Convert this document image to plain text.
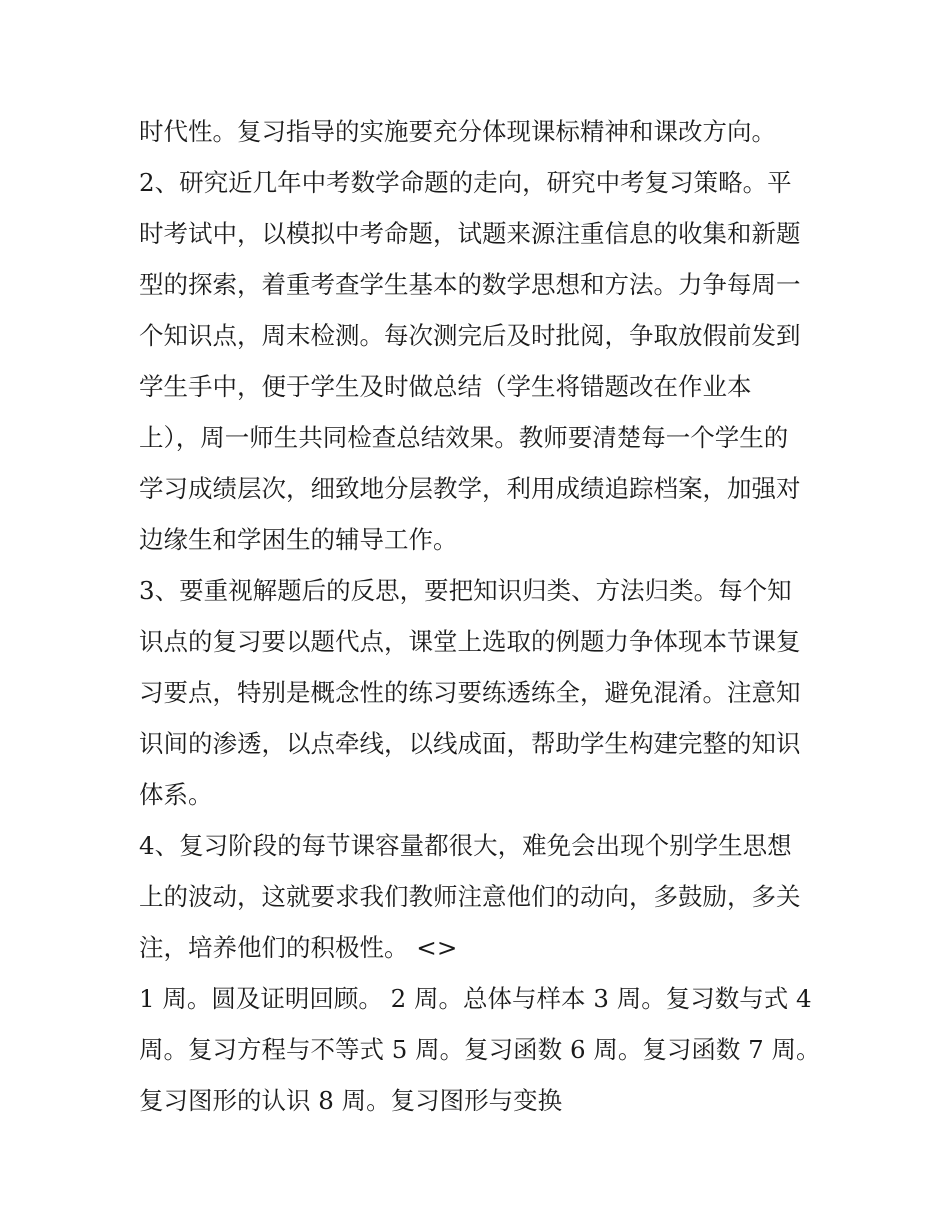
时代性。复习指导的实施要充分体现课标精神和课改方向。
2、研究近几年中考数学命题的走向，研究中考复习策略。平
时考试中，以模拟中考命题，试题来源注重信息的收集和新题
型的探索，着重考查学生基本的数学思想和方法。力争每周一
个知识点，周末检测。每次测完后及时批阅，争取放假前发到
学生手中，便于学生及时做总结（学生将错题改在作业本
上），周一师生共同检查总结效果。教师要清楚每一个学生的
学习成绩层次，细致地分层教学，利用成绩追踪档案，加强对
边缘生和学困生的辅导工作。
3、要重视解题后的反思，要把知识归类、方法归类。每个知
识点的复习要以题代点，课堂上选取的例题力争体现本节课复
习要点，特别是概念性的练习要练透练全，避免混淆。注意知
识间的渗透，以点牵线，以线成面，帮助学生构建完整的知识
体系。
4、复习阶段的每节课容量都很大，难免会出现个别学生思想
上的波动，这就要求我们教师注意他们的动向，多鼓励，多关
注，培养他们的积极性。 <>
1 周。圆及证明回顾。 2 周。总体与样本 3 周。复习数与式 4
周。复习方程与不等式 5 周。复习函数 6 周。复习函数 7 周。
复习图形的认识 8 周。复习图形与变换
